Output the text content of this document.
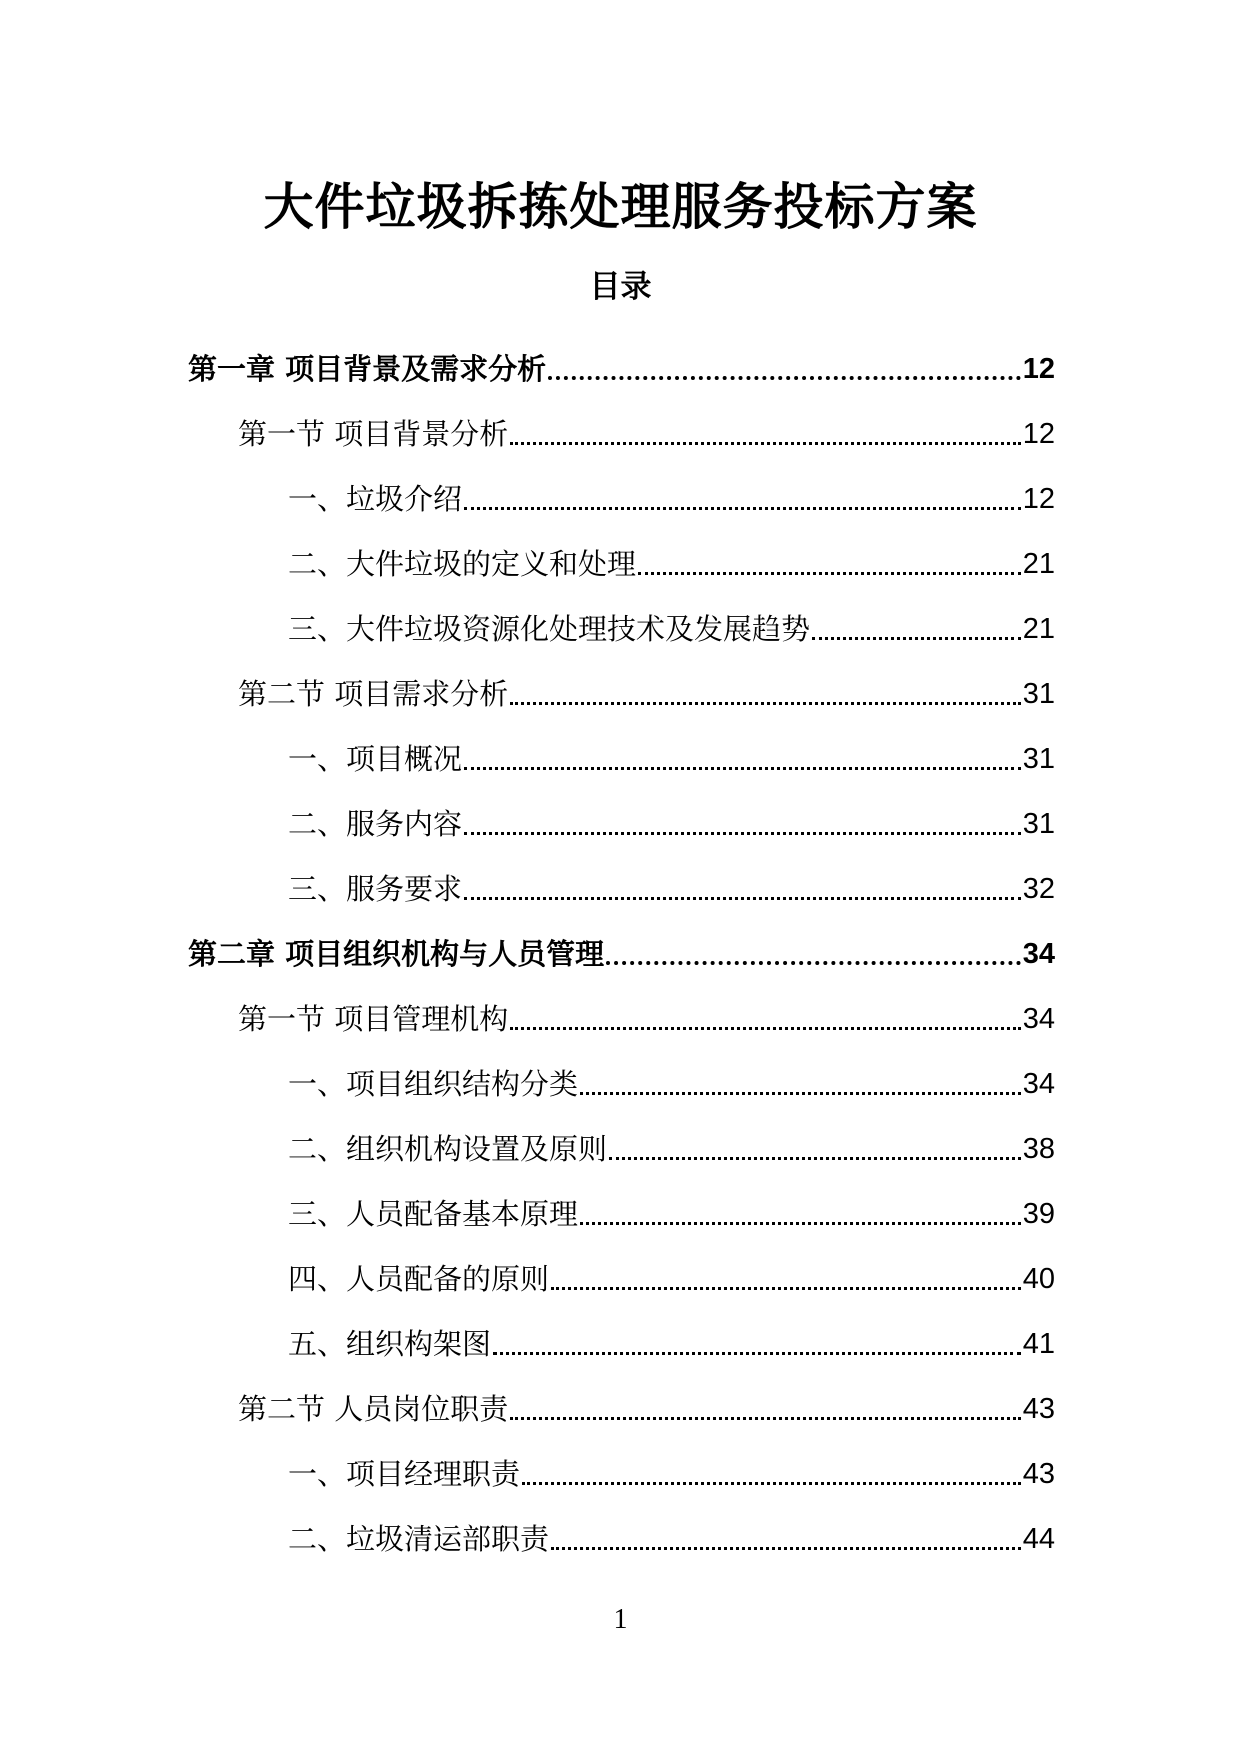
大件垃圾拆拣处理服务投标方案
目录
第一章 项目背景及需求分析	12
第一节 项目背景分析	12
一、垃圾介绍	12
二、大件垃圾的定义和处理	21
三、大件垃圾资源化处理技术及发展趋势	21
第二节 项目需求分析	31
一、项目概况	31
二、服务内容	31
三、服务要求	32
第二章 项目组织机构与人员管理	34
第一节 项目管理机构	34
一、项目组织结构分类	34
二、组织机构设置及原则	38
三、人员配备基本原理	39
四、人员配备的原则	40
五、组织构架图	41
第二节 人员岗位职责	43
一、项目经理职责	43
二、垃圾清运部职责	44
1
